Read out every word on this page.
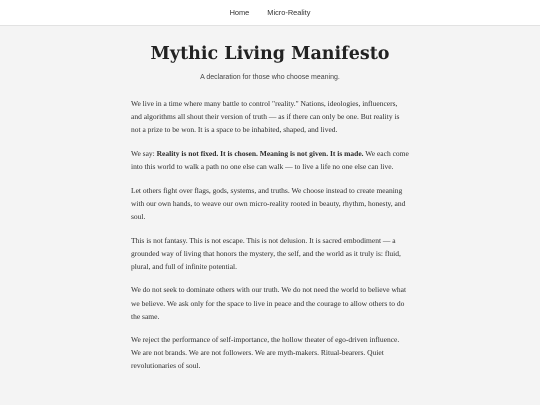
Home Micro-Reality
Mythic Living Manifesto

A declaration for those who choose meaning.

We live in a time where many battle to control "reality." Nations, ideologies, influencers, and algorithms all shout their version of truth — as if there can only be one. But reality is not a prize to be won. It is a space to be inhabited, shaped, and lived.

We say: Reality is not fixed. It is chosen. Meaning is not given. It is made. We each come into this world to walk a path no one else can walk — to live a life no one else can live.

Let others fight over flags, gods, systems, and truths. We choose instead to create meaning with our own hands, to weave our own micro-reality rooted in beauty, rhythm, honesty, and soul.

This is not fantasy. This is not escape. This is not delusion. It is sacred embodiment — a grounded way of living that honors the mystery, the self, and the world as it truly is: fluid, plural, and full of infinite potential.

We do not seek to dominate others with our truth. We do not need the world to believe what we believe. We ask only for the space to live in peace and the courage to allow others to do the same.

We reject the performance of self-importance, the hollow theater of ego-driven influence. We are not brands. We are not followers. We are myth-makers. Ritual-bearers. Quiet revolutionaries of soul.
